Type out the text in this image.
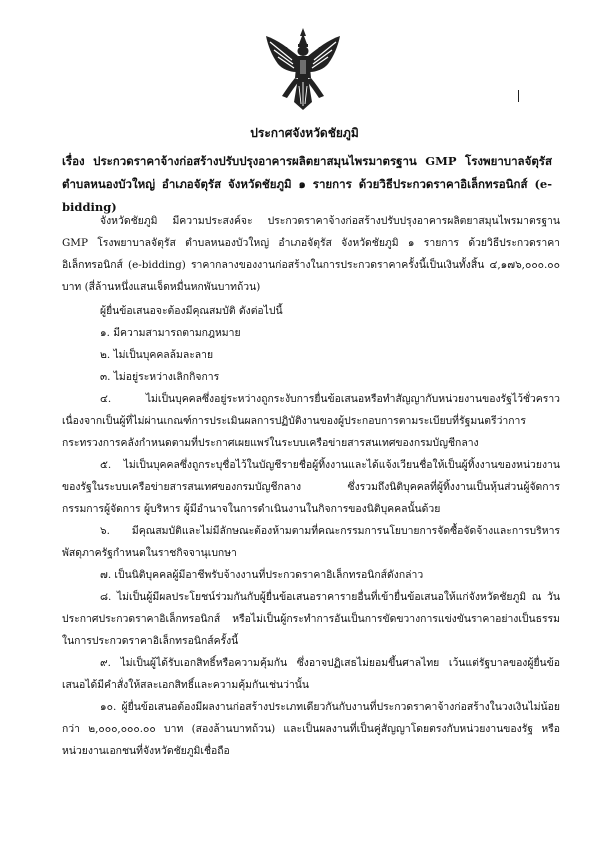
ประกาศจังหวัดชัยภูมิ
เรื่อง ประกวดราคาจ้างก่อสร้างปรับปรุงอาคารผลิตยาสมุนไพรมาตรฐาน GMP โรงพยาบาลจัตุรัส ตำบลหนองบัวใหญ่ อำเภอจัตุรัส จังหวัดชัยภูมิ ๑ รายการ ด้วยวิธีประกวดราคาอิเล็กทรอนิกส์ (e-bidding)

จังหวัดชัยภูมิ มีความประสงค์จะ ประกวดราคาจ้างก่อสร้างปรับปรุงอาคารผลิตยาสมุนไพรมาตรฐาน GMP โรงพยาบาลจัตุรัส ตำบลหนองบัวใหญ่ อำเภอจัตุรัส จังหวัดชัยภูมิ ๑ รายการ ด้วยวิธีประกวดราคาอิเล็กทรอนิกส์ (e-bidding) ราคากลางของงานก่อสร้างในการประกวดราคาครั้งนี้เป็นเงินทั้งสิ้น ๔,๑๗๖,๐๐๐.๐๐ บาท (สี่ล้านหนึ่งแสนเจ็ดหมื่นหกพันบาทถ้วน)

ผู้ยื่นข้อเสนอจะต้องมีคุณสมบัติ ดังต่อไปนี้

๑. มีความสามารถตามกฎหมาย

๒. ไม่เป็นบุคคลล้มละลาย

๓. ไม่อยู่ระหว่างเลิกกิจการ

๔. ไม่เป็นบุคคลซึ่งอยู่ระหว่างถูกระงับการยื่นข้อเสนอหรือทำสัญญากับหน่วยงานของรัฐไว้ชั่วคราว เนื่องจากเป็นผู้ที่ไม่ผ่านเกณฑ์การประเมินผลการปฏิบัติงานของผู้ประกอบการตามระเบียบที่รัฐมนตรีว่าการกระทรวงการคลังกำหนดตามที่ประกาศเผยแพร่ในระบบเครือข่ายสารสนเทศของกรมบัญชีกลาง

๕. ไม่เป็นบุคคลซึ่งถูกระบุชื่อไว้ในบัญชีรายชื่อผู้ทิ้งงานและได้แจ้งเวียนชื่อให้เป็นผู้ทิ้งงานของหน่วยงานของรัฐในระบบเครือข่ายสารสนเทศของกรมบัญชีกลาง ซึ่งรวมถึงนิติบุคคลที่ผู้ทิ้งงานเป็นหุ้นส่วนผู้จัดการ กรรมการผู้จัดการ ผู้บริหาร ผู้มีอำนาจในการดำเนินงานในกิจการของนิติบุคคลนั้นด้วย

๖. มีคุณสมบัติและไม่มีลักษณะต้องห้ามตามที่คณะกรรมการนโยบายการจัดซื้อจัดจ้างและการบริหารพัสดุภาครัฐกำหนดในราชกิจจานุเบกษา

๗. เป็นนิติบุคคลผู้มีอาชีพรับจ้างงานที่ประกวดราคาอิเล็กทรอนิกส์ดังกล่าว

๘. ไม่เป็นผู้มีผลประโยชน์ร่วมกันกับผู้ยื่นข้อเสนอราคารายอื่นที่เข้ายื่นข้อเสนอให้แก่จังหวัดชัยภูมิ ณ วันประกาศประกวดราคาอิเล็กทรอนิกส์ หรือไม่เป็นผู้กระทำการอันเป็นการขัดขวางการแข่งขันราคาอย่างเป็นธรรม ในการประกวดราคาอิเล็กทรอนิกส์ครั้งนี้

๙. ไม่เป็นผู้ได้รับเอกสิทธิ์หรือความคุ้มกัน ซึ่งอาจปฏิเสธไม่ยอมขึ้นศาลไทย เว้นแต่รัฐบาลของผู้ยื่นข้อเสนอได้มีคำสั่งให้สละเอกสิทธิ์และความคุ้มกันเช่นว่านั้น

๑๐. ผู้ยื่นข้อเสนอต้องมีผลงานก่อสร้างประเภทเดียวกันกับงานที่ประกวดราคาจ้างก่อสร้างในวงเงินไม่น้อยกว่า ๒,๐๐๐,๐๐๐.๐๐ บาท (สองล้านบาทถ้วน) และเป็นผลงานที่เป็นคู่สัญญาโดยตรงกับหน่วยงานของรัฐ หรือหน่วยงานเอกชนที่จังหวัดชัยภูมิเชื่อถือ
